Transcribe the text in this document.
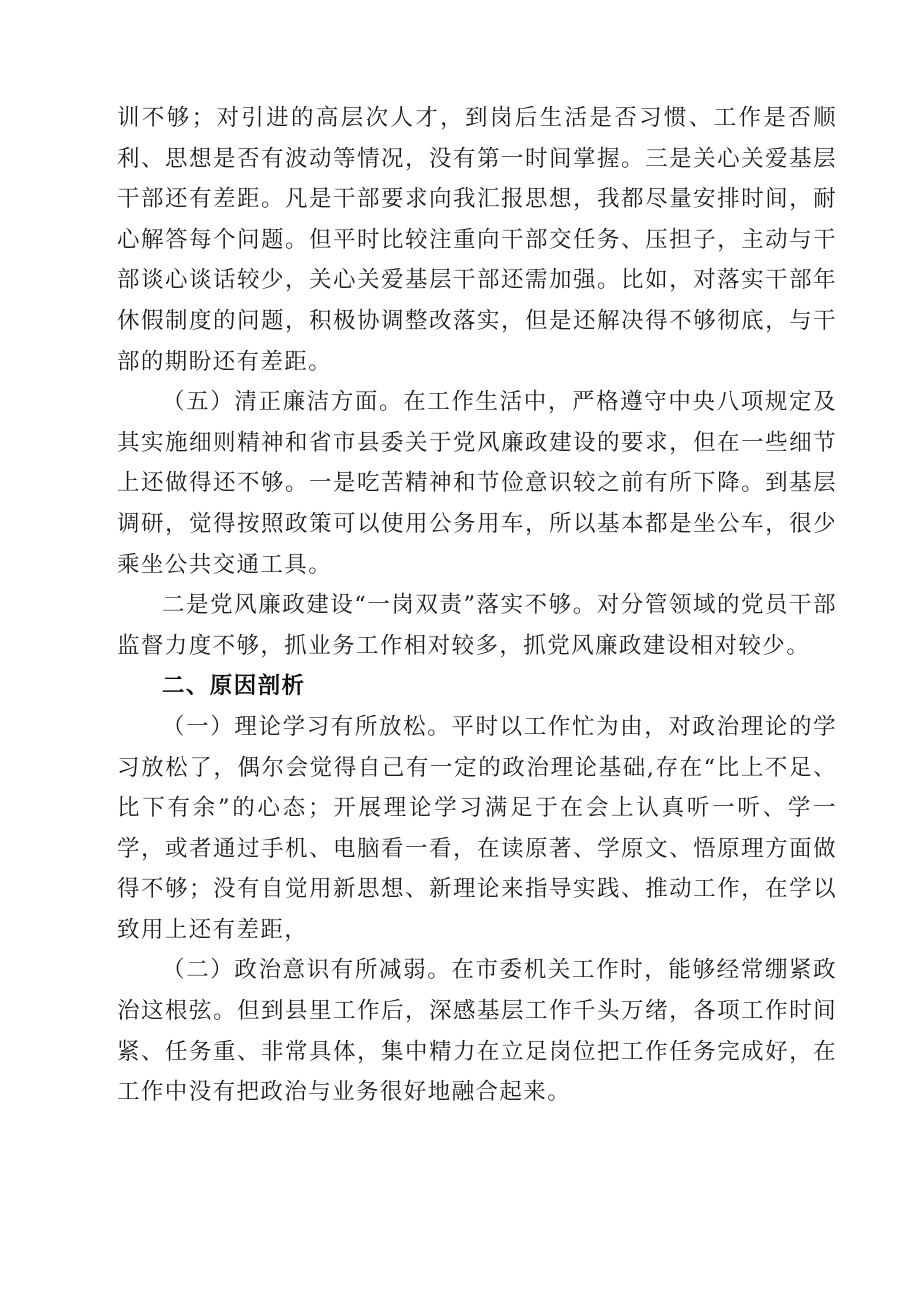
训不够；对引进的高层次人才，到岗后生活是否习惯、工作是否顺利、思想是否有波动等情况，没有第一时间掌握。三是关心关爱基层干部还有差距。凡是干部要求向我汇报思想，我都尽量安排时间，耐心解答每个问题。但平时比较注重向干部交任务、压担子，主动与干部谈心谈话较少，关心关爱基层干部还需加强。比如，对落实干部年休假制度的问题，积极协调整改落实，但是还解决得不够彻底，与干部的期盼还有差距。

（五）清正廉洁方面。在工作生活中，严格遵守中央八项规定及其实施细则精神和省市县委关于党风廉政建设的要求，但在一些细节上还做得还不够。一是吃苦精神和节俭意识较之前有所下降。到基层调研，觉得按照政策可以使用公务用车，所以基本都是坐公车，很少乘坐公共交通工具。

二是党风廉政建设“一岗双责”落实不够。对分管领域的党员干部监督力度不够，抓业务工作相对较多，抓党风廉政建设相对较少。

二、原因剖析

（一）理论学习有所放松。平时以工作忙为由，对政治理论的学习放松了，偶尔会觉得自己有一定的政治理论基础,存在“比上不足、比下有余”的心态；开展理论学习满足于在会上认真听一听、学一学，或者通过手机、电脑看一看，在读原著、学原文、悟原理方面做得不够；没有自觉用新思想、新理论来指导实践、推动工作，在学以致用上还有差距，

（二）政治意识有所减弱。在市委机关工作时，能够经常绷紧政治这根弦。但到县里工作后，深感基层工作千头万绪，各项工作时间紧、任务重、非常具体，集中精力在立足岗位把工作任务完成好，在工作中没有把政治与业务很好地融合起来。
